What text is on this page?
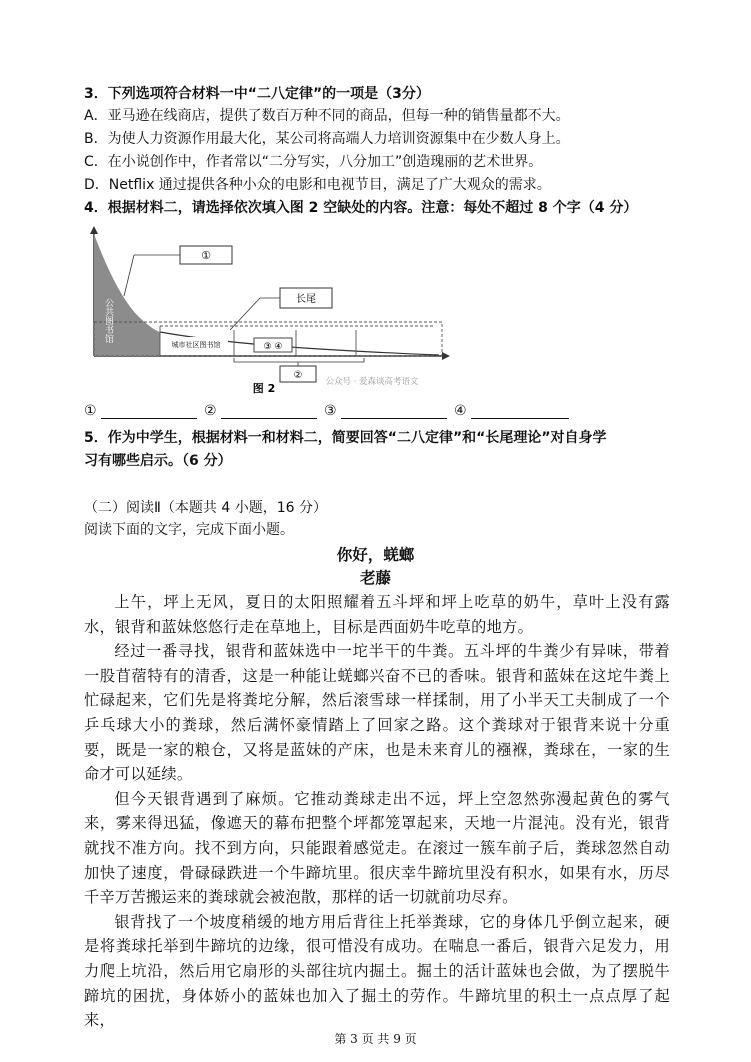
3．下列选项符合材料一中“二八定律”的一项是（3分）
A．亚马逊在线商店，提供了数百万种不同的商品，但每一种的销售量都不大。
B．为使人力资源作用最大化，某公司将高端人力培训资源集中在少数人身上。
C．在小说创作中，作者常以“二分写实，八分加工”创造瑰丽的艺术世界。
D．Netflix 通过提供各种小众的电影和电视节目，满足了广大观众的需求。
4．根据材料二，请选择依次填入图 2 空缺处的内容。注意：每处不超过 8 个字（4 分）
公共图书馆
①
长尾
城市社区图书馆	③ ④
②
图 2	公众号 · 爱森谈高考语文
①	②	③	④
5．作为中学生，根据材料一和材料二，简要回答“二八定律”和“长尾理论”对自身学
习有哪些启示。（6 分）
（二）阅读Ⅱ（本题共 4 小题，16 分）
阅读下面的文字，完成下面小题。
你好，蜣螂
老藤

上午，坪上无风，夏日的太阳照耀着五斗坪和坪上吃草的奶牛，草叶上没有露水，银背和蓝妹悠悠行走在草地上，目标是西面奶牛吃草的地方。

经过一番寻找，银背和蓝妹选中一坨半干的牛粪。五斗坪的牛粪少有异味，带着一股苜蓿特有的清香，这是一种能让蜣螂兴奋不已的香味。银背和蓝妹在这坨牛粪上忙碌起来，它们先是将粪坨分解，然后滚雪球一样揉制，用了小半天工夫制成了一个乒乓球大小的粪球，然后满怀豪情踏上了回家之路。这个粪球对于银背来说十分重要，既是一家的粮仓，又将是蓝妹的产床，也是未来育儿的襁褓，粪球在，一家的生命才可以延续。

但今天银背遇到了麻烦。它推动粪球走出不远，坪上空忽然弥漫起黄色的雾气来，雾来得迅猛，像遮天的幕布把整个坪都笼罩起来，天地一片混沌。没有光，银背就找不准方向。找不到方向，只能跟着感觉走。在滚过一簇车前子后，粪球忽然自动加快了速度，骨碌碌跌进一个牛蹄坑里。很庆幸牛蹄坑里没有积水，如果有水，历尽千辛万苦搬运来的粪球就会被泡散，那样的话一切就前功尽弃。

银背找了一个坡度稍缓的地方用后背往上托举粪球，它的身体几乎倒立起来，硬是将粪球托举到牛蹄坑的边缘，很可惜没有成功。在喘息一番后，银背六足发力，用力爬上坑沿，然后用它扇形的头部往坑内掘土。掘土的活计蓝妹也会做，为了摆脱牛蹄坑的困扰，身体娇小的蓝妹也加入了掘土的劳作。牛蹄坑里的积土一点点厚了起来，

第 3 页 共 9 页
